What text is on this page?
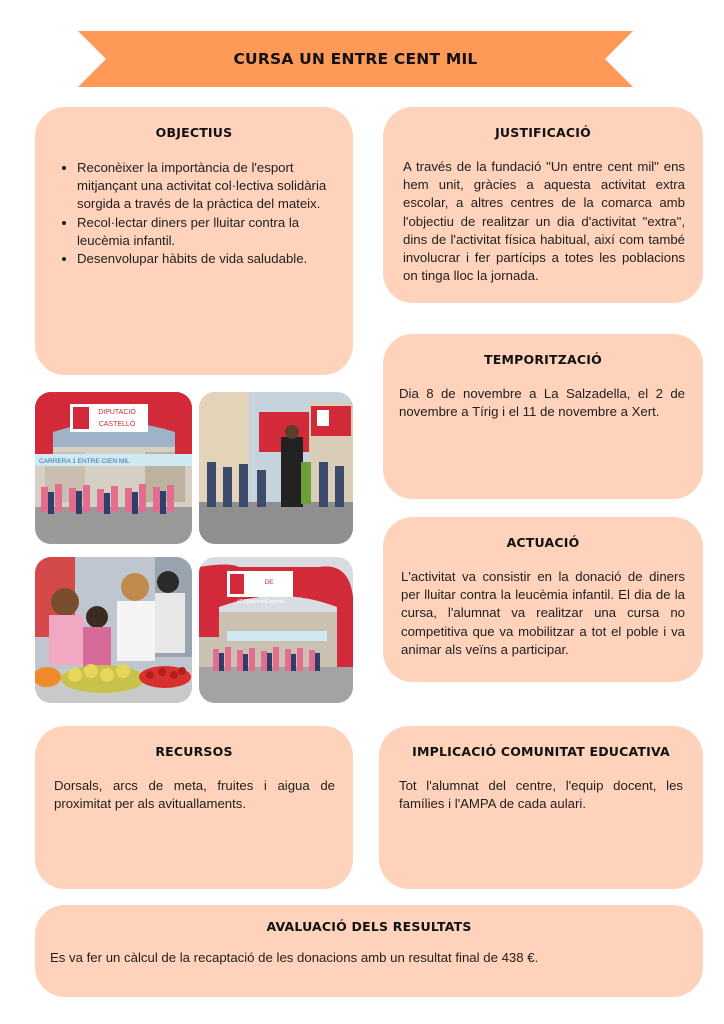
CURSA UN ENTRE CENT MIL
OBJECTIUS
• Reconèixer la importància de l'esport mitjançant una activitat col·lectiva solidària sorgida a través de la pràctica del mateix.
• Recol·lectar diners per lluitar contra la leucèmia infantil.
• Desenvolupar hàbits de vida saludable.
JUSTIFICACIÓ
A través de la fundació "Un entre cent mil" ens hem unit, gràcies a aquesta activitat extra escolar, a altres centres de la comarca amb l'objectiu de realitzar un dia d'activitat "extra", dins de l'activitat física habitual, així com també involucrar i fer partícips a totes les poblacions on tinga lloc la jornada.
TEMPORITZACIÓ
Dia 8 de novembre a La Salzadella, el 2 de novembre a Tírig i el 11 de novembre a Xert.
ACTUACIÓ
L'activitat va consistir en la donació de diners per lluitar contra la leucèmia infantil. El dia de la cursa, l'alumnat va realitzar una cursa no competitiva que va mobilitzar a tot el poble i va animar als veïns a participar.
RECURSOS
Dorsals, arcs de meta, fruites i aigua de proximitat per als avituallaments.
IMPLICACIÓ COMUNITAT EDUCATIVA
Tot l'alumnat del centre, l'equip docent, les famílies i l'AMPA de cada aulari.
AVALUACIÓ DELS RESULTATS
Es va fer un càlcul de la recaptació de les donacions amb un resultat final de 438 €.
DIPUTACIÓ
CASTELLÓ
CARRERA 1 ENTRE CIEN MIL
DE
#CSEscenariDeportiu
